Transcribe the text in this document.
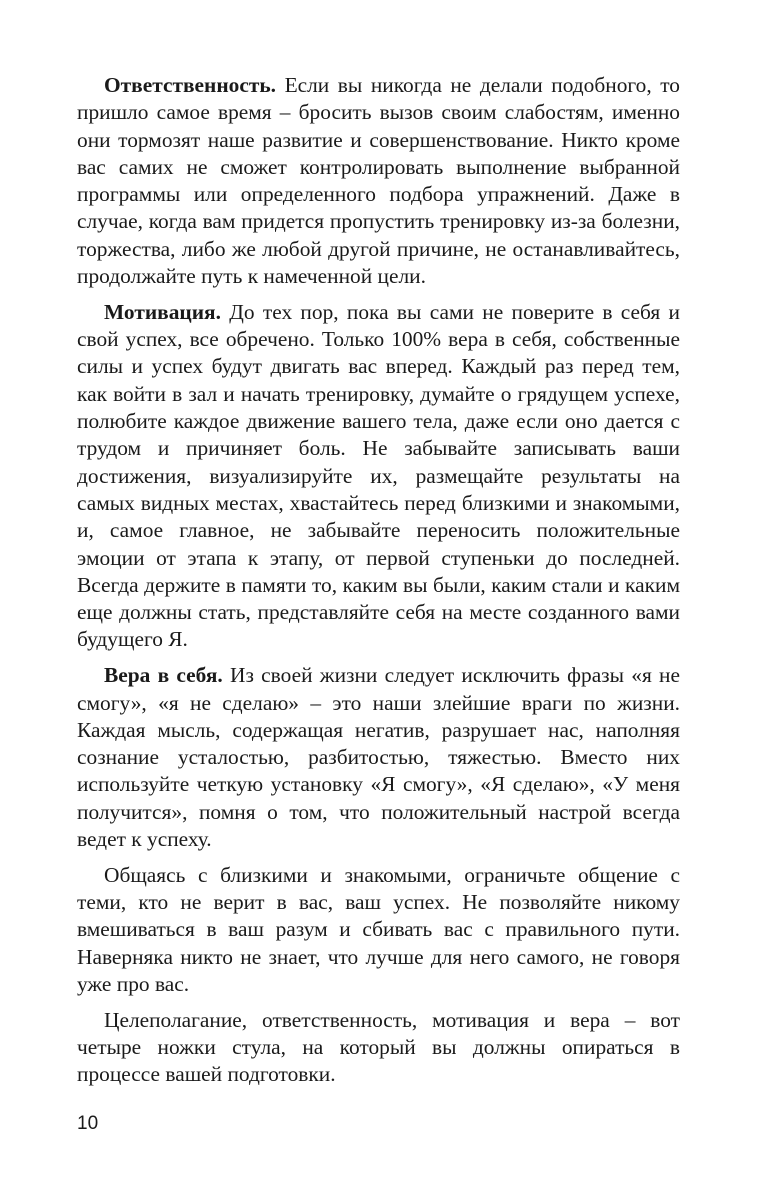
Ответственность. Если вы никогда не делали подобного, то пришло самое время – бросить вызов своим слабостям, именно они тормозят наше развитие и совершенствование. Никто кроме вас самих не сможет контролировать выполнение выбранной программы или определенного подбора упражнений. Даже в случае, когда вам придется пропустить тренировку из-за болезни, торжества, либо же любой другой причине, не останавливайтесь, продолжайте путь к намеченной цели.

Мотивация. До тех пор, пока вы сами не поверите в себя и свой успех, все обречено. Только 100% вера в себя, собственные силы и успех будут двигать вас вперед. Каждый раз перед тем, как войти в зал и начать тренировку, думайте о грядущем успехе, полюбите каждое движение вашего тела, даже если оно дается с трудом и причиняет боль. Не забывайте записывать ваши достижения, визуализируйте их, размещайте результаты на самых видных местах, хвастайтесь перед близкими и знакомыми, и, самое главное, не забывайте переносить положительные эмоции от этапа к этапу, от первой ступеньки до последней. Всегда держите в памяти то, каким вы были, каким стали и каким еще должны стать, представляйте себя на месте созданного вами будущего Я.

Вера в себя. Из своей жизни следует исключить фразы «я не смогу», «я не сделаю» – это наши злейшие враги по жизни. Каждая мысль, содержащая негатив, разрушает нас, наполняя сознание усталостью, разбитостью, тяжестью. Вместо них используйте четкую установку «Я смогу», «Я сделаю», «У меня получится», помня о том, что положительный настрой всегда ведет к успеху.

Общаясь с близкими и знакомыми, ограничьте общение с теми, кто не верит в вас, ваш успех. Не позволяйте никому вмешиваться в ваш разум и сбивать вас с правильного пути. Наверняка никто не знает, что лучше для него самого, не говоря уже про вас.

Целеполагание, ответственность, мотивация и вера – вот четыре ножки стула, на который вы должны опираться в процессе вашей подготовки.

10
